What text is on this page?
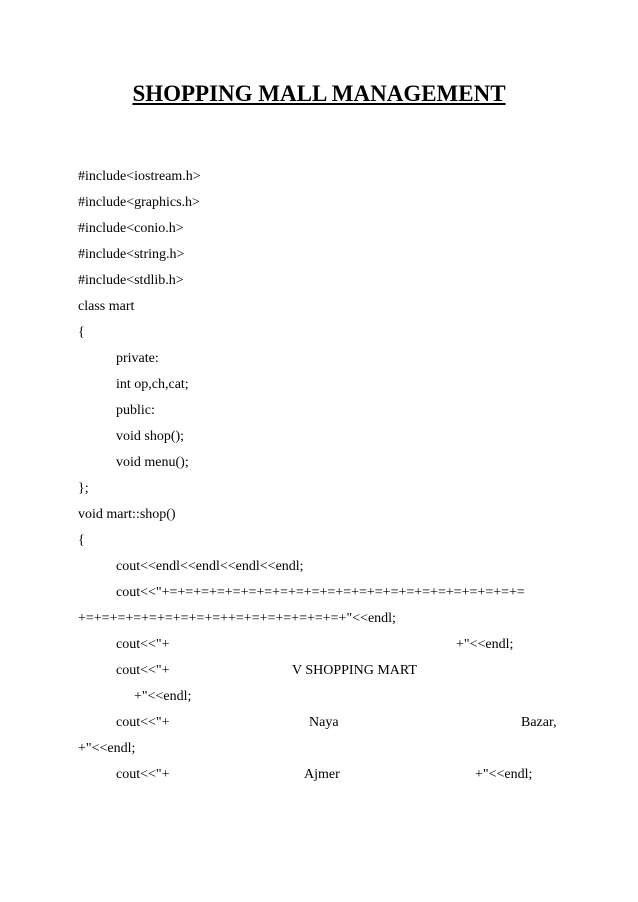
SHOPPING MALL MANAGEMENT
#include<iostream.h>
#include<graphics.h>
#include<conio.h>
#include<string.h>
#include<stdlib.h>
class mart
{
private:
int op,ch,cat;
public:
void shop();
void menu();
};
void mart::shop()
{
cout<<endl<<endl<<endl<<endl;
cout<<"+=+=+=+=+=+=+=+=+=+=+=+=+=+=+=+=+=+=+=+=+=+=+=
+=+=+=+=+=+=+=+=+=++=+=+=+=+=+=+=+"<<endl;
cout<<"+	+"<<endl;
cout<<"+	V SHOPPING MART
+"<<endl;
cout<<"+	Naya	Bazar,
+"<<endl;
cout<<"+	Ajmer	+"<<endl;
